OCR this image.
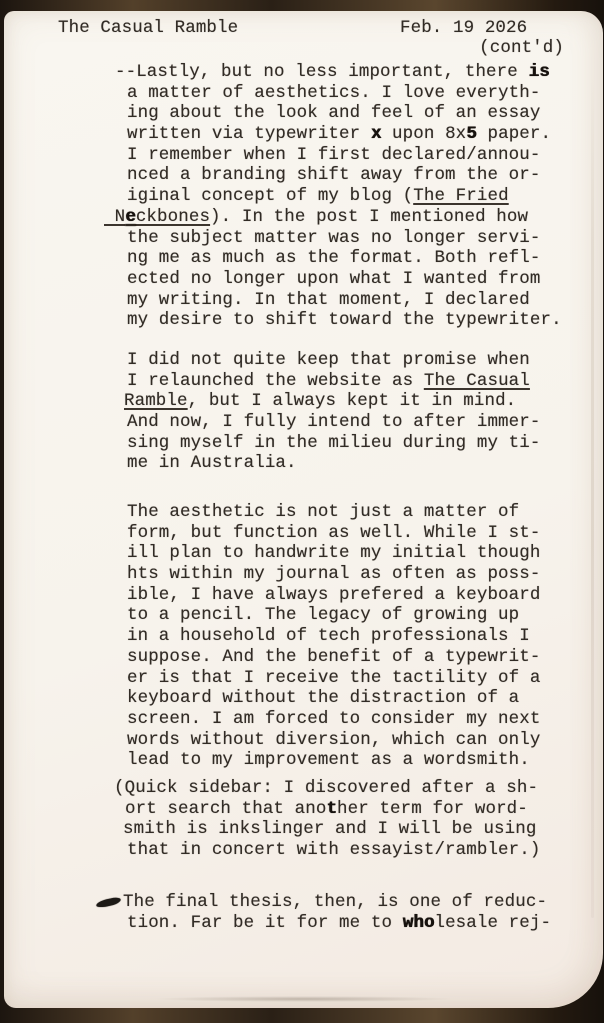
The Casual Ramble	Feb. 19 2026
(cont'd)
--Lastly, but no less important, there is
a matter of aesthetics. I love everyth-
ing about the look and feel of an essay
written via typewriter x upon 8x5 paper.
I remember when I first declared/annou-
nced a branding shift away from the or-
iginal concept of my blog (The Fried
Neckbones). In the post I mentioned how
the subject matter was no longer servi-
ng me as much as the format. Both refl-
ected no longer upon what I wanted from
my writing. In that moment, I declared
my desire to shift toward the typewriter.
I did not quite keep that promise when
I relaunched the website as The Casual
Ramble, but I always kept it in mind.
And now, I fully intend to after immer-
sing myself in the milieu during my ti-
me in Australia.
The aesthetic is not just a matter of
form, but function as well. While I st-
ill plan to handwrite my initial though
hts within my journal as often as poss-
ible, I have always prefered a keyboard
to a pencil. The legacy of growing up
in a household of tech professionals I
suppose. And the benefit of a typewrit-
er is that I receive the tactility of a
keyboard without the distraction of a
screen. I am forced to consider my next
words without diversion, which can only
lead to my improvement as a wordsmith.
(Quick sidebar: I discovered after a sh-
ort search that another term for word-
smith is inkslinger and I will be using
that in concert with essayist/rambler.)
The final thesis, then, is one of reduc-
tion. Far be it for me to wholesale rej-
